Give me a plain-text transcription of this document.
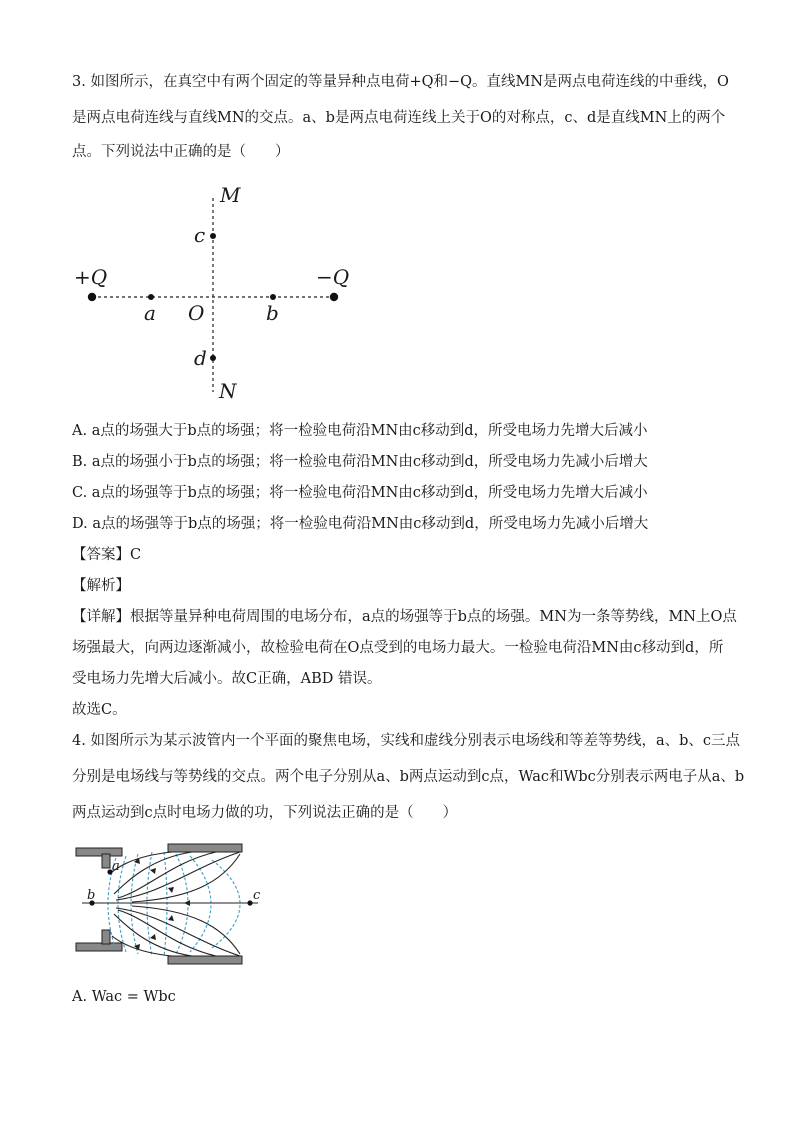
3. 如图所示，在真空中有两个固定的等量异种点电荷+Q和−Q。直线MN是两点电荷连线的中垂线，O
是两点电荷连线与直线MN的交点。a、b是两点电荷连线上关于O的对称点，c、d是直线MN上的两个
点。下列说法中正确的是（　　）
M
N
c
d
+Q	−Q
a O	b
A. a点的场强大于b点的场强；将一检验电荷沿MN由c移动到d，所受电场力先增大后减小
B. a点的场强小于b点的场强；将一检验电荷沿MN由c移动到d，所受电场力先减小后增大
C. a点的场强等于b点的场强；将一检验电荷沿MN由c移动到d，所受电场力先增大后减小
D. a点的场强等于b点的场强；将一检验电荷沿MN由c移动到d，所受电场力先减小后增大
【答案】C
【解析】
【详解】根据等量异种电荷周围的电场分布，a点的场强等于b点的场强。MN为一条等势线，MN上O点
场强最大，向两边逐渐减小，故检验电荷在O点受到的电场力最大。一检验电荷沿MN由c移动到d，所
受电场力先增大后减小。故C正确，ABD 错误。
故选C。
4. 如图所示为某示波管内一个平面的聚焦电场，实线和虚线分别表示电场线和等差等势线，a、b、c三点
分别是电场线与等势线的交点。两个电子分别从a、b两点运动到c点，Wac和Wbc分别表示两电子从a、b
两点运动到c点时电场力做的功，下列说法正确的是（　　）
a
b	c
A. Wac = Wbc
